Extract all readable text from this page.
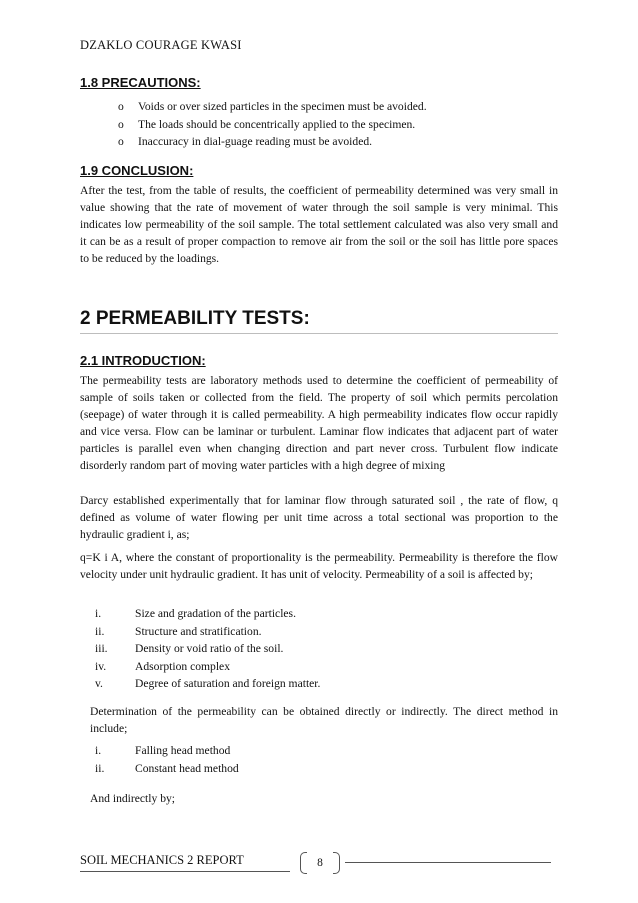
DZAKLO COURAGE KWASI
1.8 PRECAUTIONS:
o Voids or over sized particles in the specimen must be avoided.
o The loads should be concentrically applied to the specimen.
o Inaccuracy in dial-guage reading must be avoided.
1.9 CONCLUSION:

After the test, from the table of results, the coefficient of permeability determined was very small in value showing that the rate of movement of water through the soil sample is very minimal. This indicates low permeability of the soil sample. The total settlement calculated was also very small and it can be as a result of proper compaction to remove air from the soil or the soil has little pore spaces to be reduced by the loadings.

2 PERMEABILITY TESTS:
2.1 INTRODUCTION:

The permeability tests are laboratory methods used to determine the coefficient of permeability of sample of soils taken or collected from the field. The property of soil which permits percolation (seepage) of water through it is called permeability. A high permeability indicates flow occur rapidly and vice versa. Flow can be laminar or turbulent. Laminar flow indicates that adjacent part of water particles is parallel even when changing direction and part never cross. Turbulent flow indicate disorderly random part of moving water particles with a high degree of mixing

Darcy established experimentally that for laminar flow through saturated soil , the rate of flow, q defined as volume of water flowing per unit time across a total sectional was proportion to the hydraulic gradient i, as;

q=K i A, where the constant of proportionality is the permeability. Permeability is therefore the flow velocity under unit hydraulic gradient. It has unit of velocity. Permeability of a soil is affected by;

i.	Size and gradation of the particles.
ii.	Structure and stratification.
iii. Density or void ratio of the soil.
iv. Adsorption complex
v.	Degree of saturation and foreign matter.

Determination of the permeability can be obtained directly or indirectly. The direct method in include;

i.	Falling head method
ii.	Constant head method

And indirectly by;

SOIL MECHANICS 2 REPORT	8
